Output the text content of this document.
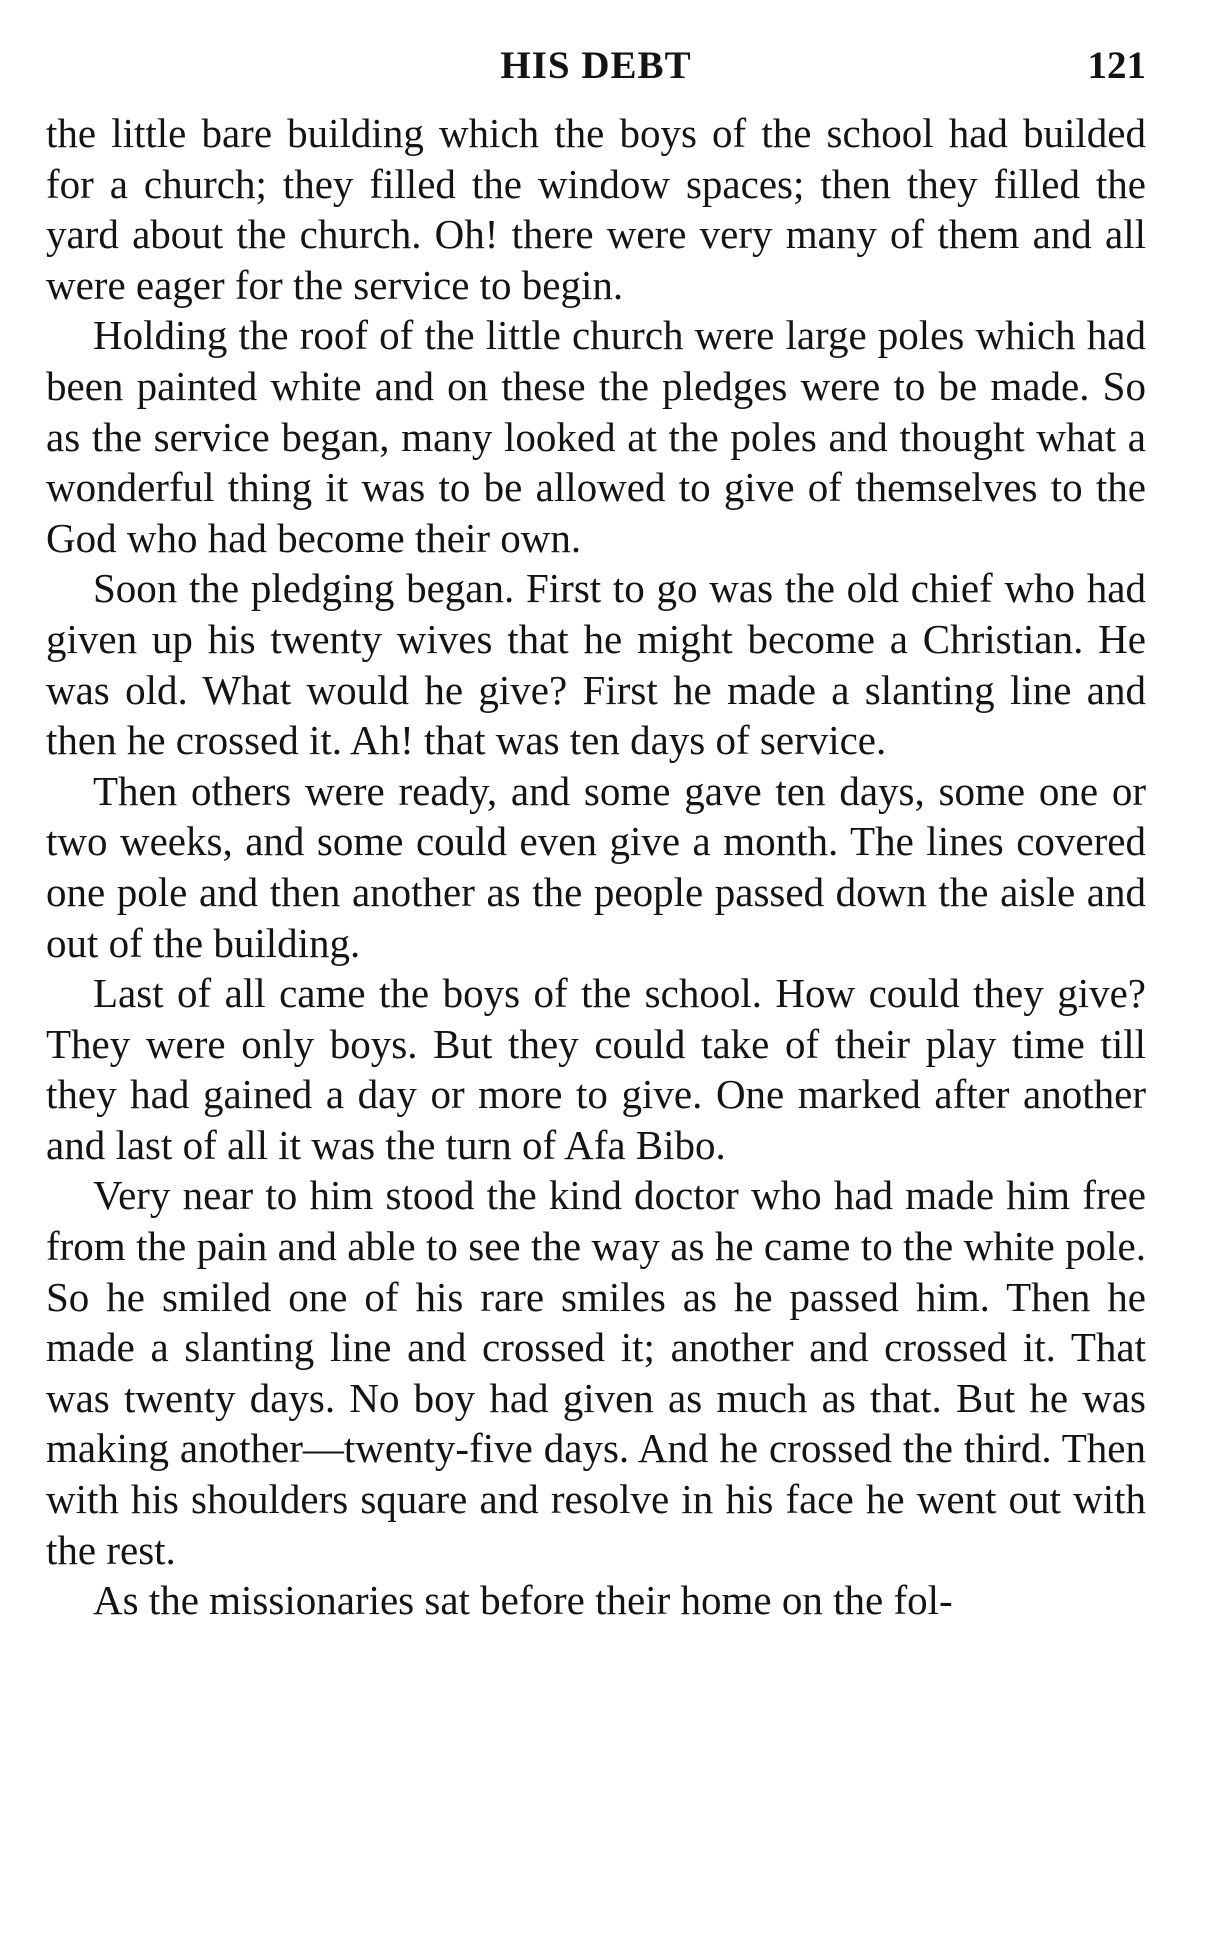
HIS DEBT	121

the little bare building which the boys of the school had builded for a church; they filled the window spaces; then they filled the yard about the church. Oh! there were very many of them and all were eager for the service to begin.

Holding the roof of the little church were large poles which had been painted white and on these the pledges were to be made. So as the service began, many looked at the poles and thought what a wonderful thing it was to be allowed to give of themselves to the God who had become their own.

Soon the pledging began. First to go was the old chief who had given up his twenty wives that he might become a Christian. He was old. What would he give? First he made a slanting line and then he crossed it. Ah! that was ten days of service.

Then others were ready, and some gave ten days, some one or two weeks, and some could even give a month. The lines covered one pole and then another as the people passed down the aisle and out of the building.

Last of all came the boys of the school. How could they give? They were only boys. But they could take of their play time till they had gained a day or more to give. One marked after another and last of all it was the turn of Afa Bibo.

Very near to him stood the kind doctor who had made him free from the pain and able to see the way as he came to the white pole. So he smiled one of his rare smiles as he passed him. Then he made a slanting line and crossed it; another and crossed it. That was twenty days. No boy had given as much as that. But he was making another—twenty-five days. And he crossed the third. Then with his shoulders square and resolve in his face he went out with the rest.

As the missionaries sat before their home on the fol-
